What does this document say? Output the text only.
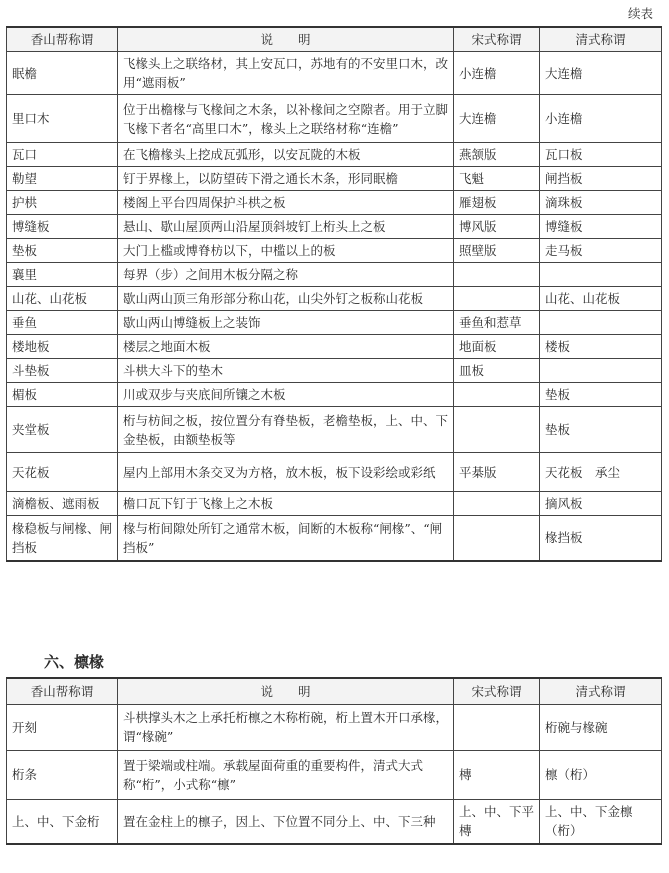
续表
香山帮称谓	说　　明	宋式称谓	清式称谓
眠檐	飞椽头上之联络材，其上安瓦口，苏地有的不安里口木，改用“遮雨板”	小连檐	大连檐
里口木	位于出檐椽与飞椽间之木条，以补椽间之空隙者。用于立脚飞椽下者名“高里口木”，椽头上之联络材称“连檐”	大连檐	小连檐
瓦口	在飞檐椽头上挖成瓦弧形，以安瓦陇的木板	燕颔版	瓦口板
勒望	钉于界椽上，以防望砖下滑之通长木条，形同眠檐	飞魁	闸挡板
护栱	楼阁上平台四周保护斗栱之板	雁翅板	滴珠板
博缝板	悬山、歇山屋顶两山沿屋顶斜坡钉上桁头上之板	博风版	博缝板
垫板	大门上槛或博脊枋以下，中槛以上的板	照壁版	走马板
襄里	每界（步）之间用木板分隔之称		
山花、山花板	歇山两山顶三角形部分称山花，山尖外钉之板称山花板		山花、山花板
垂鱼	歇山两山博缝板上之装饰	垂鱼和惹草	
楼地板	楼层之地面木板	地面板	楼板
斗垫板	斗栱大斗下的垫木	皿板	
楣板	川或双步与夹底间所镶之木板		垫板
夹堂板	桁与枋间之板，按位置分有脊垫板，老檐垫板，上、中、下金垫板，由额垫板等		垫板
天花板	屋内上部用木条交叉为方格，放木板，板下设彩绘或彩纸	平棊版	天花板　承尘
滴檐板、遮雨板	檐口瓦下钉于飞椽上之木板		摘风板
椽稳板与闸椽、闸挡板	椽与桁间隙处所钉之通常木板，间断的木板称“闸椽”、“闸挡板”		椽挡板
六、檩椽
香山帮称谓	说　　明	宋式称谓	清式称谓
开刻	斗栱撑头木之上承托桁檩之木称桁碗，桁上置木开口承椽，谓“椽碗”		桁碗与椽碗
桁条	置于梁端或柱端。承载屋面荷重的重要构件，清式大式称“桁”，小式称“檩”	槫	檩（桁）
上、中、下金桁	置在金柱上的檩子，因上、下位置不同分上、中、下三种	上、中、下平槫	上、中、下金檩（桁）
